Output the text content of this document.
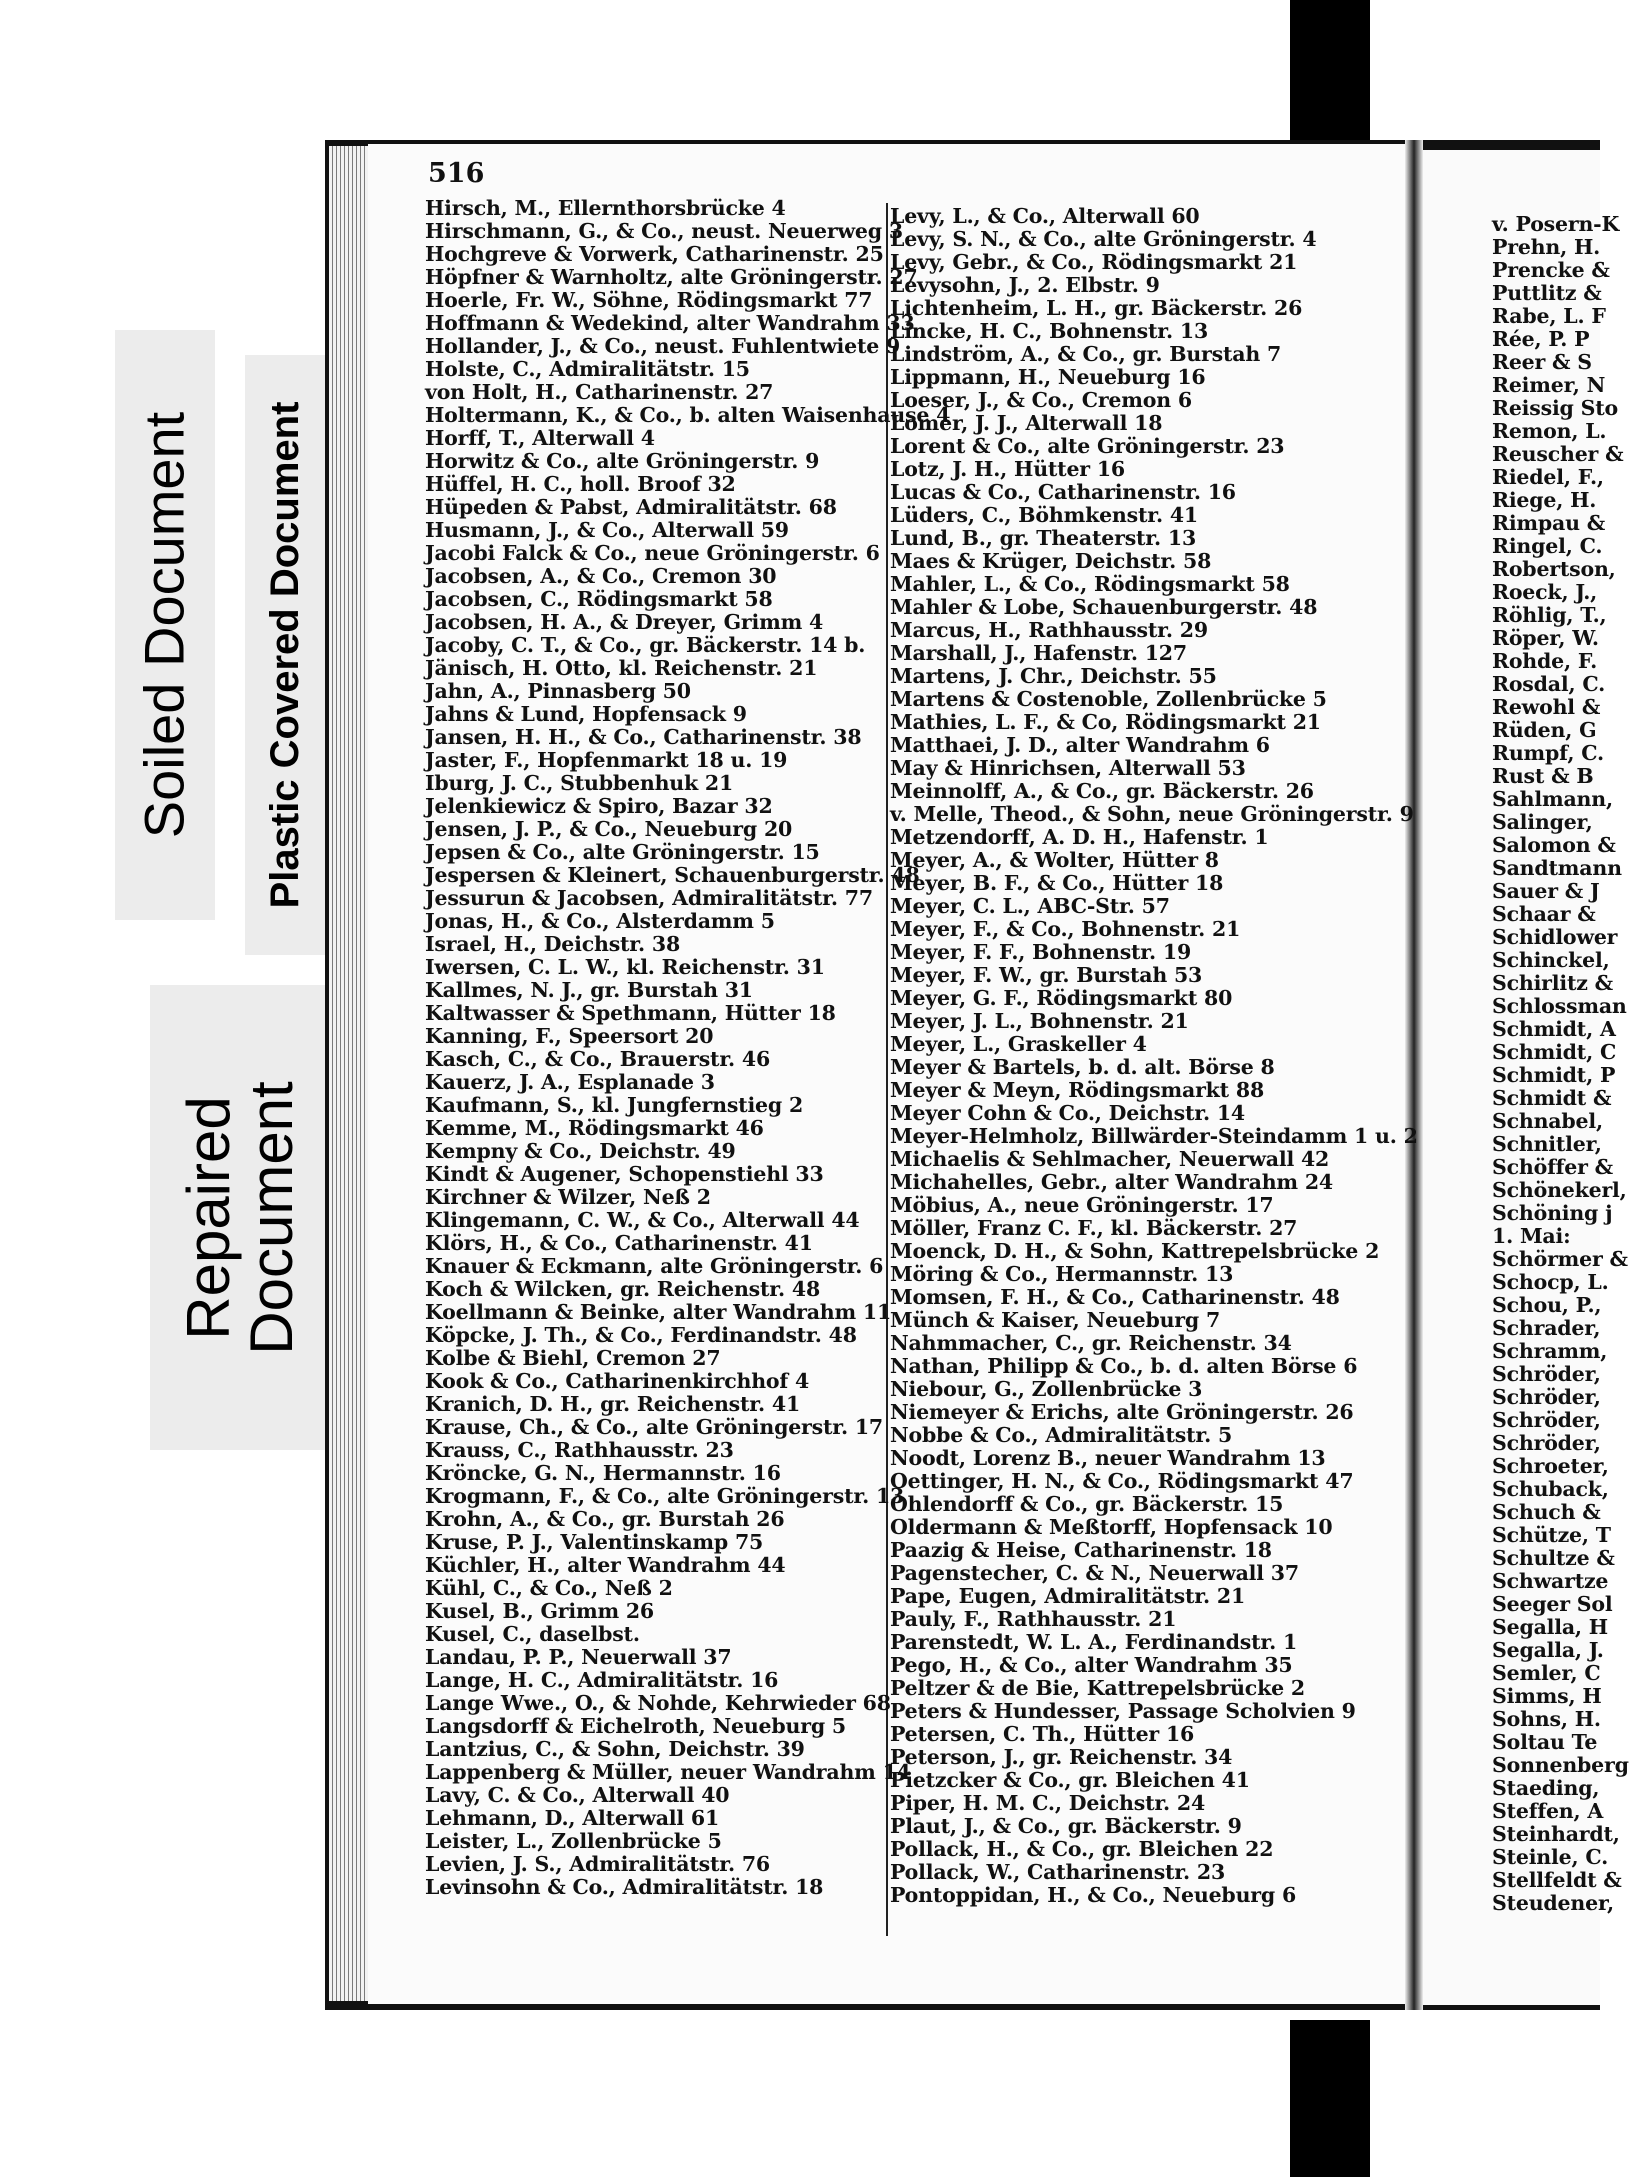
Soiled Document Plastic Covered Document
Repaired
Document
516
Hirsch, M., Ellernthorsbrücke 4
Hirschmann, G., & Co., neust. Neuerweg 3
Hochgreve & Vorwerk, Catharinenstr. 25
Höpfner & Warnholtz, alte Gröningerstr. 27
Hoerle, Fr. W., Söhne, Rödingsmarkt 77
Hoffmann & Wedekind, alter Wandrahm 33
Hollander, J., & Co., neust. Fuhlentwiete 9
Holste, C., Admiralitätstr. 15
von Holt, H., Catharinenstr. 27
Holtermann, K., & Co., b. alten Waisenhause 4
Horff, T., Alterwall 4
Horwitz & Co., alte Gröningerstr. 9
Hüffel, H. C., holl. Broof 32
Hüpeden & Pabst, Admiralitätstr. 68
Husmann, J., & Co., Alterwall 59
Jacobi Falck & Co., neue Gröningerstr. 6
Jacobsen, A., & Co., Cremon 30
Jacobsen, C., Rödingsmarkt 58
Jacobsen, H. A., & Dreyer, Grimm 4
Jacoby, C. T., & Co., gr. Bäckerstr. 14 b.
Jänisch, H. Otto, kl. Reichenstr. 21
Jahn, A., Pinnasberg 50
Jahns & Lund, Hopfensack 9
Jansen, H. H., & Co., Catharinenstr. 38
Jaster, F., Hopfenmarkt 18 u. 19
Iburg, J. C., Stubbenhuk 21
Jelenkiewicz & Spiro, Bazar 32
Jensen, J. P., & Co., Neueburg 20
Jepsen & Co., alte Gröningerstr. 15
Jespersen & Kleinert, Schauenburgerstr. 48
Jessurun & Jacobsen, Admiralitätstr. 77
Jonas, H., & Co., Alsterdamm 5
Israel, H., Deichstr. 38
Iwersen, C. L. W., kl. Reichenstr. 31
Kallmes, N. J., gr. Burstah 31
Kaltwasser & Spethmann, Hütter 18
Kanning, F., Speersort 20
Kasch, C., & Co., Brauerstr. 46
Kauerz, J. A., Esplanade 3
Kaufmann, S., kl. Jungfernstieg 2
Kemme, M., Rödingsmarkt 46
Kempny & Co., Deichstr. 49
Kindt & Augener, Schopenstiehl 33
Kirchner & Wilzer, Neß 2
Klingemann, C. W., & Co., Alterwall 44
Klörs, H., & Co., Catharinenstr. 41
Knauer & Eckmann, alte Gröningerstr. 6
Koch & Wilcken, gr. Reichenstr. 48
Koellmann & Beinke, alter Wandrahm 11
Köpcke, J. Th., & Co., Ferdinandstr. 48
Kolbe & Biehl, Cremon 27
Kook & Co., Catharinenkirchhof 4
Kranich, D. H., gr. Reichenstr. 41
Krause, Ch., & Co., alte Gröningerstr. 17
Krauss, C., Rathhausstr. 23
Kröncke, G. N., Hermannstr. 16
Krogmann, F., & Co., alte Gröningerstr. 13
Krohn, A., & Co., gr. Burstah 26
Kruse, P. J., Valentinskamp 75
Küchler, H., alter Wandrahm 44
Kühl, C., & Co., Neß 2
Kusel, B., Grimm 26
Kusel, C., daselbst.
Landau, P. P., Neuerwall 37
Lange, H. C., Admiralitätstr. 16
Lange Wwe., O., & Nohde, Kehrwieder 68
Langsdorff & Eichelroth, Neueburg 5
Lantzius, C., & Sohn, Deichstr. 39
Lappenberg & Müller, neuer Wandrahm 14
Lavy, C. & Co., Alterwall 40
Lehmann, D., Alterwall 61
Leister, L., Zollenbrücke 5
Levien, J. S., Admiralitätstr. 76
Levinsohn & Co., Admiralitätstr. 18
Levy, L., & Co., Alterwall 60
Levy, S. N., & Co., alte Gröningerstr. 4
Levy, Gebr., & Co., Rödingsmarkt 21
Levysohn, J., 2. Elbstr. 9
Lichtenheim, L. H., gr. Bäckerstr. 26
Lincke, H. C., Bohnenstr. 13
Lindström, A., & Co., gr. Burstah 7
Lippmann, H., Neueburg 16
Loeser, J., & Co., Cremon 6
Lomer, J. J., Alterwall 18
Lorent & Co., alte Gröningerstr. 23
Lotz, J. H., Hütter 16
Lucas & Co., Catharinenstr. 16
Lüders, C., Böhmkenstr. 41
Lund, B., gr. Theaterstr. 13
Maes & Krüger, Deichstr. 58
Mahler, L., & Co., Rödingsmarkt 58
Mahler & Lobe, Schauenburgerstr. 48
Marcus, H., Rathhausstr. 29
Marshall, J., Hafenstr. 127
Martens, J. Chr., Deichstr. 55
Martens & Costenoble, Zollenbrücke 5
Mathies, L. F., & Co, Rödingsmarkt 21
Matthaei, J. D., alter Wandrahm 6
May & Hinrichsen, Alterwall 53
Meinnolff, A., & Co., gr. Bäckerstr. 26
v. Melle, Theod., & Sohn, neue Gröningerstr. 9
Metzendorff, A. D. H., Hafenstr. 1
Meyer, A., & Wolter, Hütter 8
Meyer, B. F., & Co., Hütter 18
Meyer, C. L., ABC-Str. 57
Meyer, F., & Co., Bohnenstr. 21
Meyer, F. F., Bohnenstr. 19
Meyer, F. W., gr. Burstah 53
Meyer, G. F., Rödingsmarkt 80
Meyer, J. L., Bohnenstr. 21
Meyer, L., Graskeller 4
Meyer & Bartels, b. d. alt. Börse 8
Meyer & Meyn, Rödingsmarkt 88
Meyer Cohn & Co., Deichstr. 14
Meyer-Helmholz, Billwärder-Steindamm 1 u. 2
Michaelis & Sehlmacher, Neuerwall 42
Michahelles, Gebr., alter Wandrahm 24
Möbius, A., neue Gröningerstr. 17
Möller, Franz C. F., kl. Bäckerstr. 27
Moenck, D. H., & Sohn, Kattrepelsbrücke 2
Möring & Co., Hermannstr. 13
Momsen, F. H., & Co., Catharinenstr. 48
Münch & Kaiser, Neueburg 7
Nahmmacher, C., gr. Reichenstr. 34
Nathan, Philipp & Co., b. d. alten Börse 6
Niebour, G., Zollenbrücke 3
Niemeyer & Erichs, alte Gröningerstr. 26
Nobbe & Co., Admiralitätstr. 5
Noodt, Lorenz B., neuer Wandrahm 13
Oettinger, H. N., & Co., Rödingsmarkt 47
Ohlendorff & Co., gr. Bäckerstr. 15
Oldermann & Meßtorff, Hopfensack 10
Paazig & Heise, Catharinenstr. 18
Pagenstecher, C. & N., Neuerwall 37
Pape, Eugen, Admiralitätstr. 21
Pauly, F., Rathhausstr. 21
Parenstedt, W. L. A., Ferdinandstr. 1
Pego, H., & Co., alter Wandrahm 35
Peltzer & de Bie, Kattrepelsbrücke 2
Peters & Hundesser, Passage Scholvien 9
Petersen, C. Th., Hütter 16
Peterson, J., gr. Reichenstr. 34
Pietzcker & Co., gr. Bleichen 41
Piper, H. M. C., Deichstr. 24
Plaut, J., & Co., gr. Bäckerstr. 9
Pollack, H., & Co., gr. Bleichen 22
Pollack, W., Catharinenstr. 23
Pontoppidan, H., & Co., Neueburg 6
v. Posern-K
Prehn, H.
Prencke &
Puttlitz &
Rabe, L. F
Rée, P. P
Reer & S
Reimer, N
Reissig Sto
Remon, L.
Reuscher &
Riedel, F.,
Riege, H.
Rimpau &
Ringel, C.
Robertson,
Roeck, J.,
Röhlig, T.,
Röper, W.
Rohde, F.
Rosdal, C.
Rewohl &
Rüden, G
Rumpf, C.
Rust & B
Sahlmann,
Salinger,
Salomon &
Sandtmann
Sauer & J
Schaar &
Schidlower
Schinckel,
Schirlitz &
Schlossman
Schmidt, A
Schmidt, C
Schmidt, P
Schmidt &
Schnabel,
Schnitler,
Schöffer &
Schönekerl,
Schöning j
1. Mai:
Schörmer &
Schocp, L.
Schou, P.,
Schrader,
Schramm,
Schröder,
Schröder,
Schröder,
Schröder,
Schroeter,
Schuback,
Schuch &
Schütze, T
Schultze &
Schwartze
Seeger Sol
Segalla, H
Segalla, J.
Semler, C
Simms, H
Sohns, H.
Soltau Te
Sonnenberg
Staeding,
Steffen, A
Steinhardt,
Steinle, C.
Stellfeldt &
Steudener,
